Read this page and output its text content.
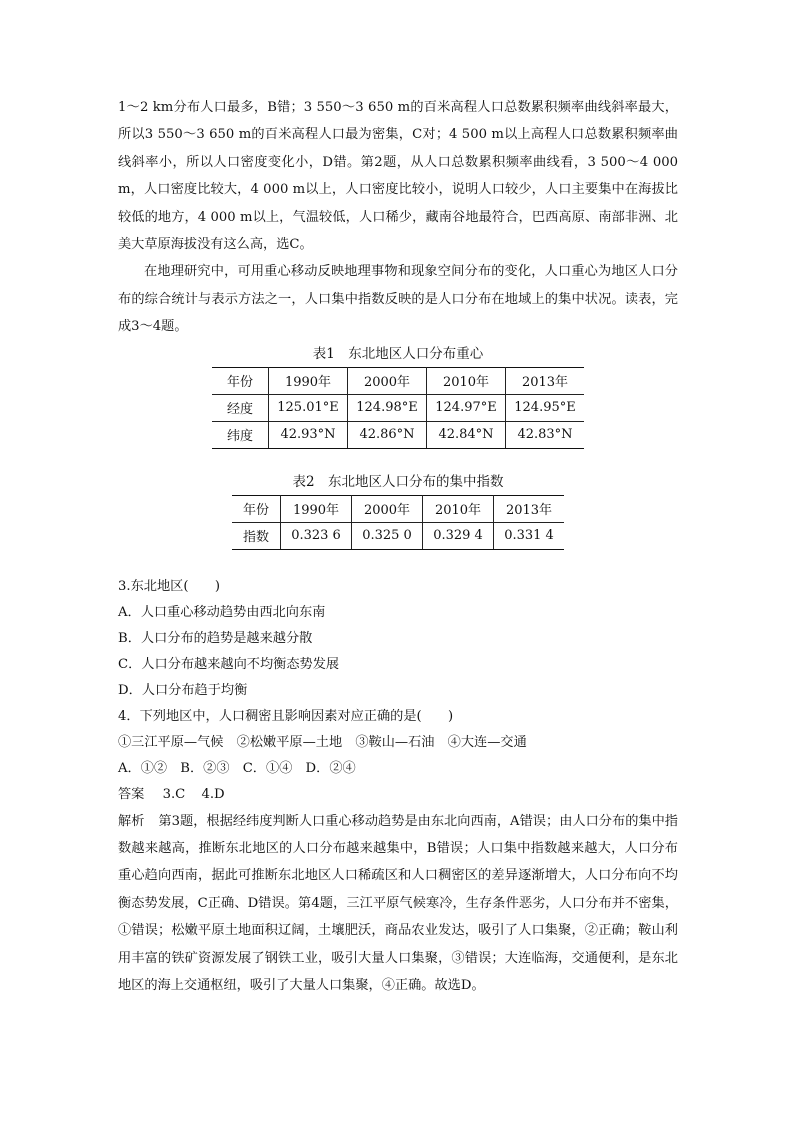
1～2 km分布人口最多，B错；3 550～3 650 m的百米高程人口总数累积频率曲线斜率最大，所以3 550～3 650 m的百米高程人口最为密集，C对；4 500 m以上高程人口总数累积频率曲线斜率小，所以人口密度变化小，D错。第2题，从人口总数累积频率曲线看，3 500～4 000 m，人口密度比较大，4 000 m以上，人口密度比较小，说明人口较少，人口主要集中在海拔比较低的地方，4 000 m以上，气温较低，人口稀少，藏南谷地最符合，巴西高原、南部非洲、北美大草原海拔没有这么高，选C。

在地理研究中，可用重心移动反映地理事物和现象空间分布的变化，人口重心为地区人口分布的综合统计与表示方法之一，人口集中指数反映的是人口分布在地域上的集中状况。读表，完成3～4题。

表1　东北地区人口分布重心

年份	1990年	2000年	2010年	2013年
经度	125.01°E	124.98°E	124.97°E	124.95°E
纬度	42.93°N	42.86°N	42.84°N	42.83°N

表2　东北地区人口分布的集中指数

年份	1990年	2000年	2010年	2013年
指数	0.323 6	0.325 0	0.329 4	0.331 4

3.东北地区(　　)

A．人口重心移动趋势由西北向东南

B．人口分布的趋势是越来越分散

C．人口分布越来越向不均衡态势发展

D．人口分布趋于均衡

4．下列地区中，人口稠密且影响因素对应正确的是(　　)

①三江平原—气候　②松嫩平原—土地　③鞍山—石油　④大连—交通

A．①②　B．②③　C．①④　D．②④

答案 3.C 4.D

解析 第3题，根据经纬度判断人口重心移动趋势是由东北向西南，A错误；由人口分布的集中指数越来越高，推断东北地区的人口分布越来越集中，B错误；人口集中指数越来越大，人口分布重心趋向西南，据此可推断东北地区人口稀疏区和人口稠密区的差异逐渐增大，人口分布向不均衡态势发展，C正确、D错误。第4题，三江平原气候寒冷，生存条件恶劣，人口分布并不密集，①错误；松嫩平原土地面积辽阔，土壤肥沃，商品农业发达，吸引了人口集聚，②正确；鞍山利用丰富的铁矿资源发展了钢铁工业，吸引大量人口集聚，③错误；大连临海，交通便利，是东北地区的海上交通枢纽，吸引了大量人口集聚，④正确。故选D。
